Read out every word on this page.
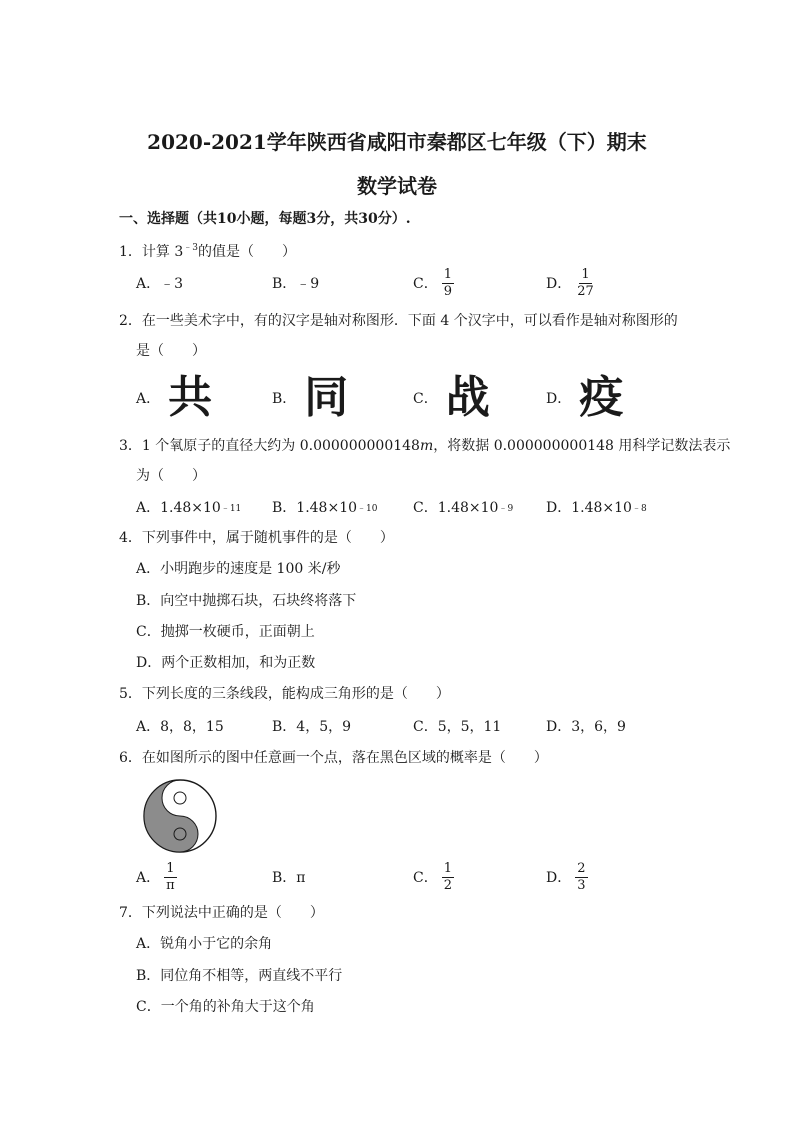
2020-2021学年陕西省咸阳市秦都区七年级（下）期末
数学试卷
一、选择题（共10小题，每题3分，共30分）.
1．计算 $3^{﹣3}$的值是（　　）
A．﹣3	B．﹣9	C． $\frac{1}{9}$	D． $\frac{1}{27}$
2．在一些美术字中，有的汉字是轴对称图形．下面 4 个汉字中，可以看作是轴对称图形的
是（　　）
A． 共	B． 同	C． 战	D． 疫
3．1 个氧原子的直径大约为 0.000000000148m，将数据 0.000000000148 用科学记数法表示
为（　　）
A．1.48×10 ﹣11 B．1.48×10 ﹣10	C．1.48×10 ﹣9 D．1.48×10 ﹣8
4．下列事件中，属于随机事件的是（　　）
A．小明跑步的速度是 100 米/秒
B．向空中抛掷石块，石块终将落下
C．抛掷一枚硬币，正面朝上
D．两个正数相加，和为正数
5．下列长度的三条线段，能构成三角形的是（　　）
A．8，8，15	B．4，5，9	C．5，5，11	D．3，6，9
6．在如图所示的图中任意画一个点，落在黑色区域的概率是（　　）
A． $\frac{1}{\pi}$	B．π	C． $\frac{1}{2}$	D． $\frac{2}{3}$
7．下列说法中正确的是（　　）
A．锐角小于它的余角
B．同位角不相等，两直线不平行
C．一个角的补角大于这个角
